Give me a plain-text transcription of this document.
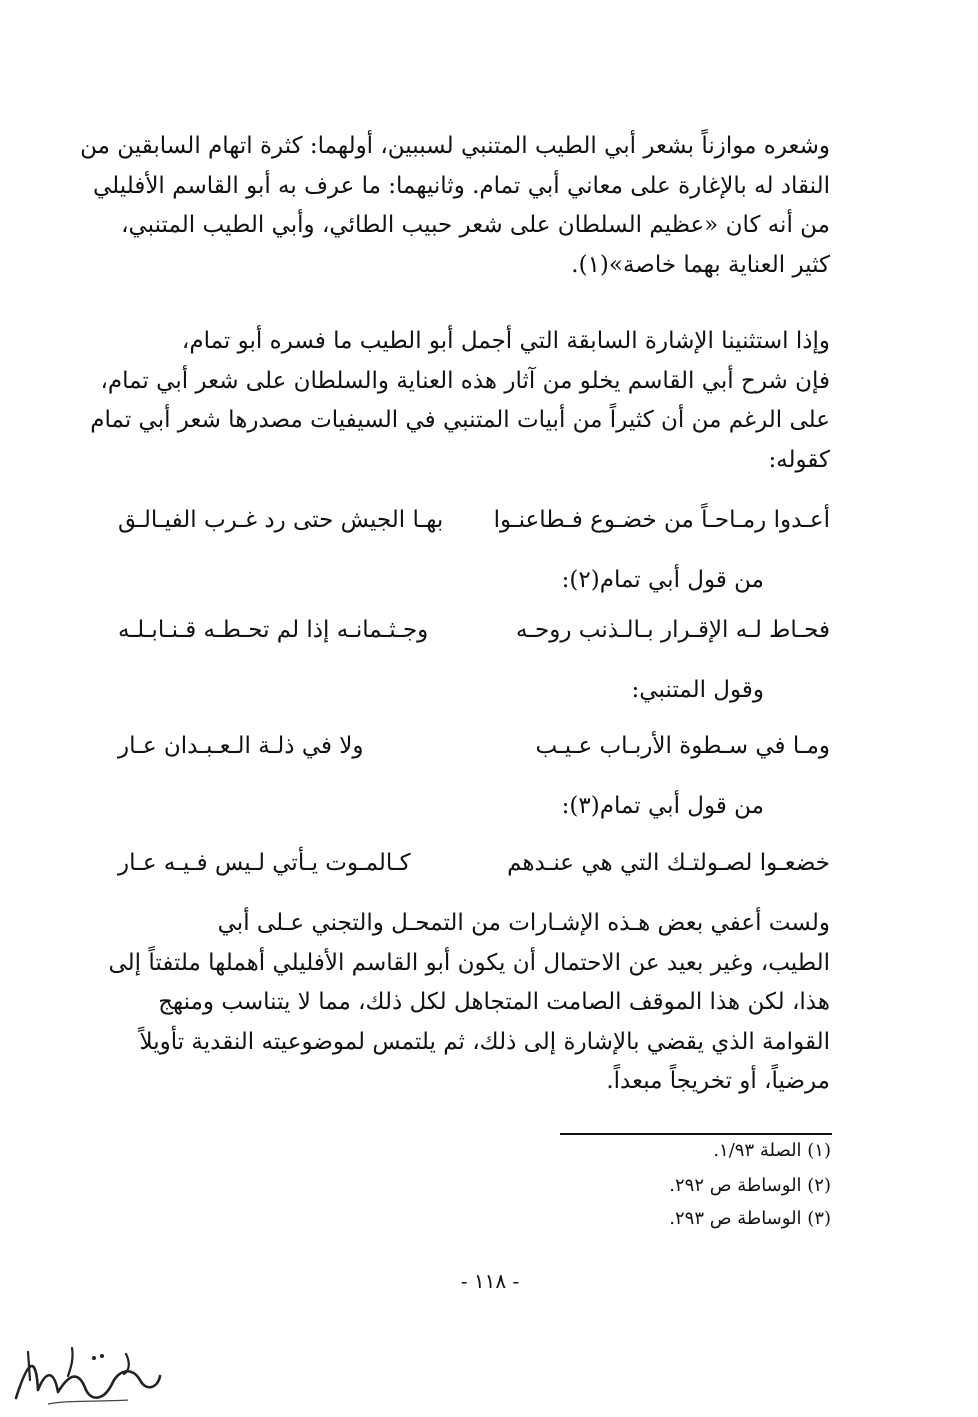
وشعره موازناً بشعر أبي الطيب المتنبي لسببين، أولهما: كثرة اتهام السابقين من
النقاد له بالإغارة على معاني أبي تمام. وثانيهما: ما عرف به أبو القاسم الأفليلي
من أنه كان «عظيم السلطان على شعر حبيب الطائي، وأبي الطيب المتنبي،
كثير العناية بهما خاصة»(١).
وإذا استثنينا الإشارة السابقة التي أجمل أبو الطيب ما فسره أبو تمام،
فإن شرح أبي القاسم يخلو من آثار هذه العناية والسلطان على شعر أبي تمام،
على الرغم من أن كثيراً من أبيات المتنبي في السيفيات مصدرها شعر أبي تمام
كقوله:
أعـدوا رمـاحـاً من خضـوع فـطاعنـوا
بهـا الجيش حتى رد غـرب الفيـالـق
من قول أبي تمام(٢):
فحـاط لـه الإقـرار بـالـذنب روحـه
وجـثـمانـه إذا لم تحـطـه قـنـابـلـه
وقول المتنبي:
ومـا في سـطوة الأربـاب عـيـب
ولا في ذلـة الـعـبـدان عـار
من قول أبي تمام(٣):
خضعـوا لصـولتـك التي هي عنـدهم
كـالمـوت يـأتي لـيس فـيـه عـار
ولست أعفي بعض هـذه الإشـارات من التمحـل والتجني عـلى أبي
الطيب، وغير بعيد عن الاحتمال أن يكون أبو القاسم الأفليلي أهملها ملتفتاً إلى
هذا، لكن هذا الموقف الصامت المتجاهل لكل ذلك، مما لا يتناسب ومنهج
القوامة الذي يقضي بالإشارة إلى ذلك، ثم يلتمس لموضوعيته النقدية تأويلاً
مرضياً، أو تخريجاً مبعداً.
(١) الصلة ١/٩٣.
(٢) الوساطة ص ٢٩٢.
(٣) الوساطة ص ٢٩٣.
- ١١٨ -
